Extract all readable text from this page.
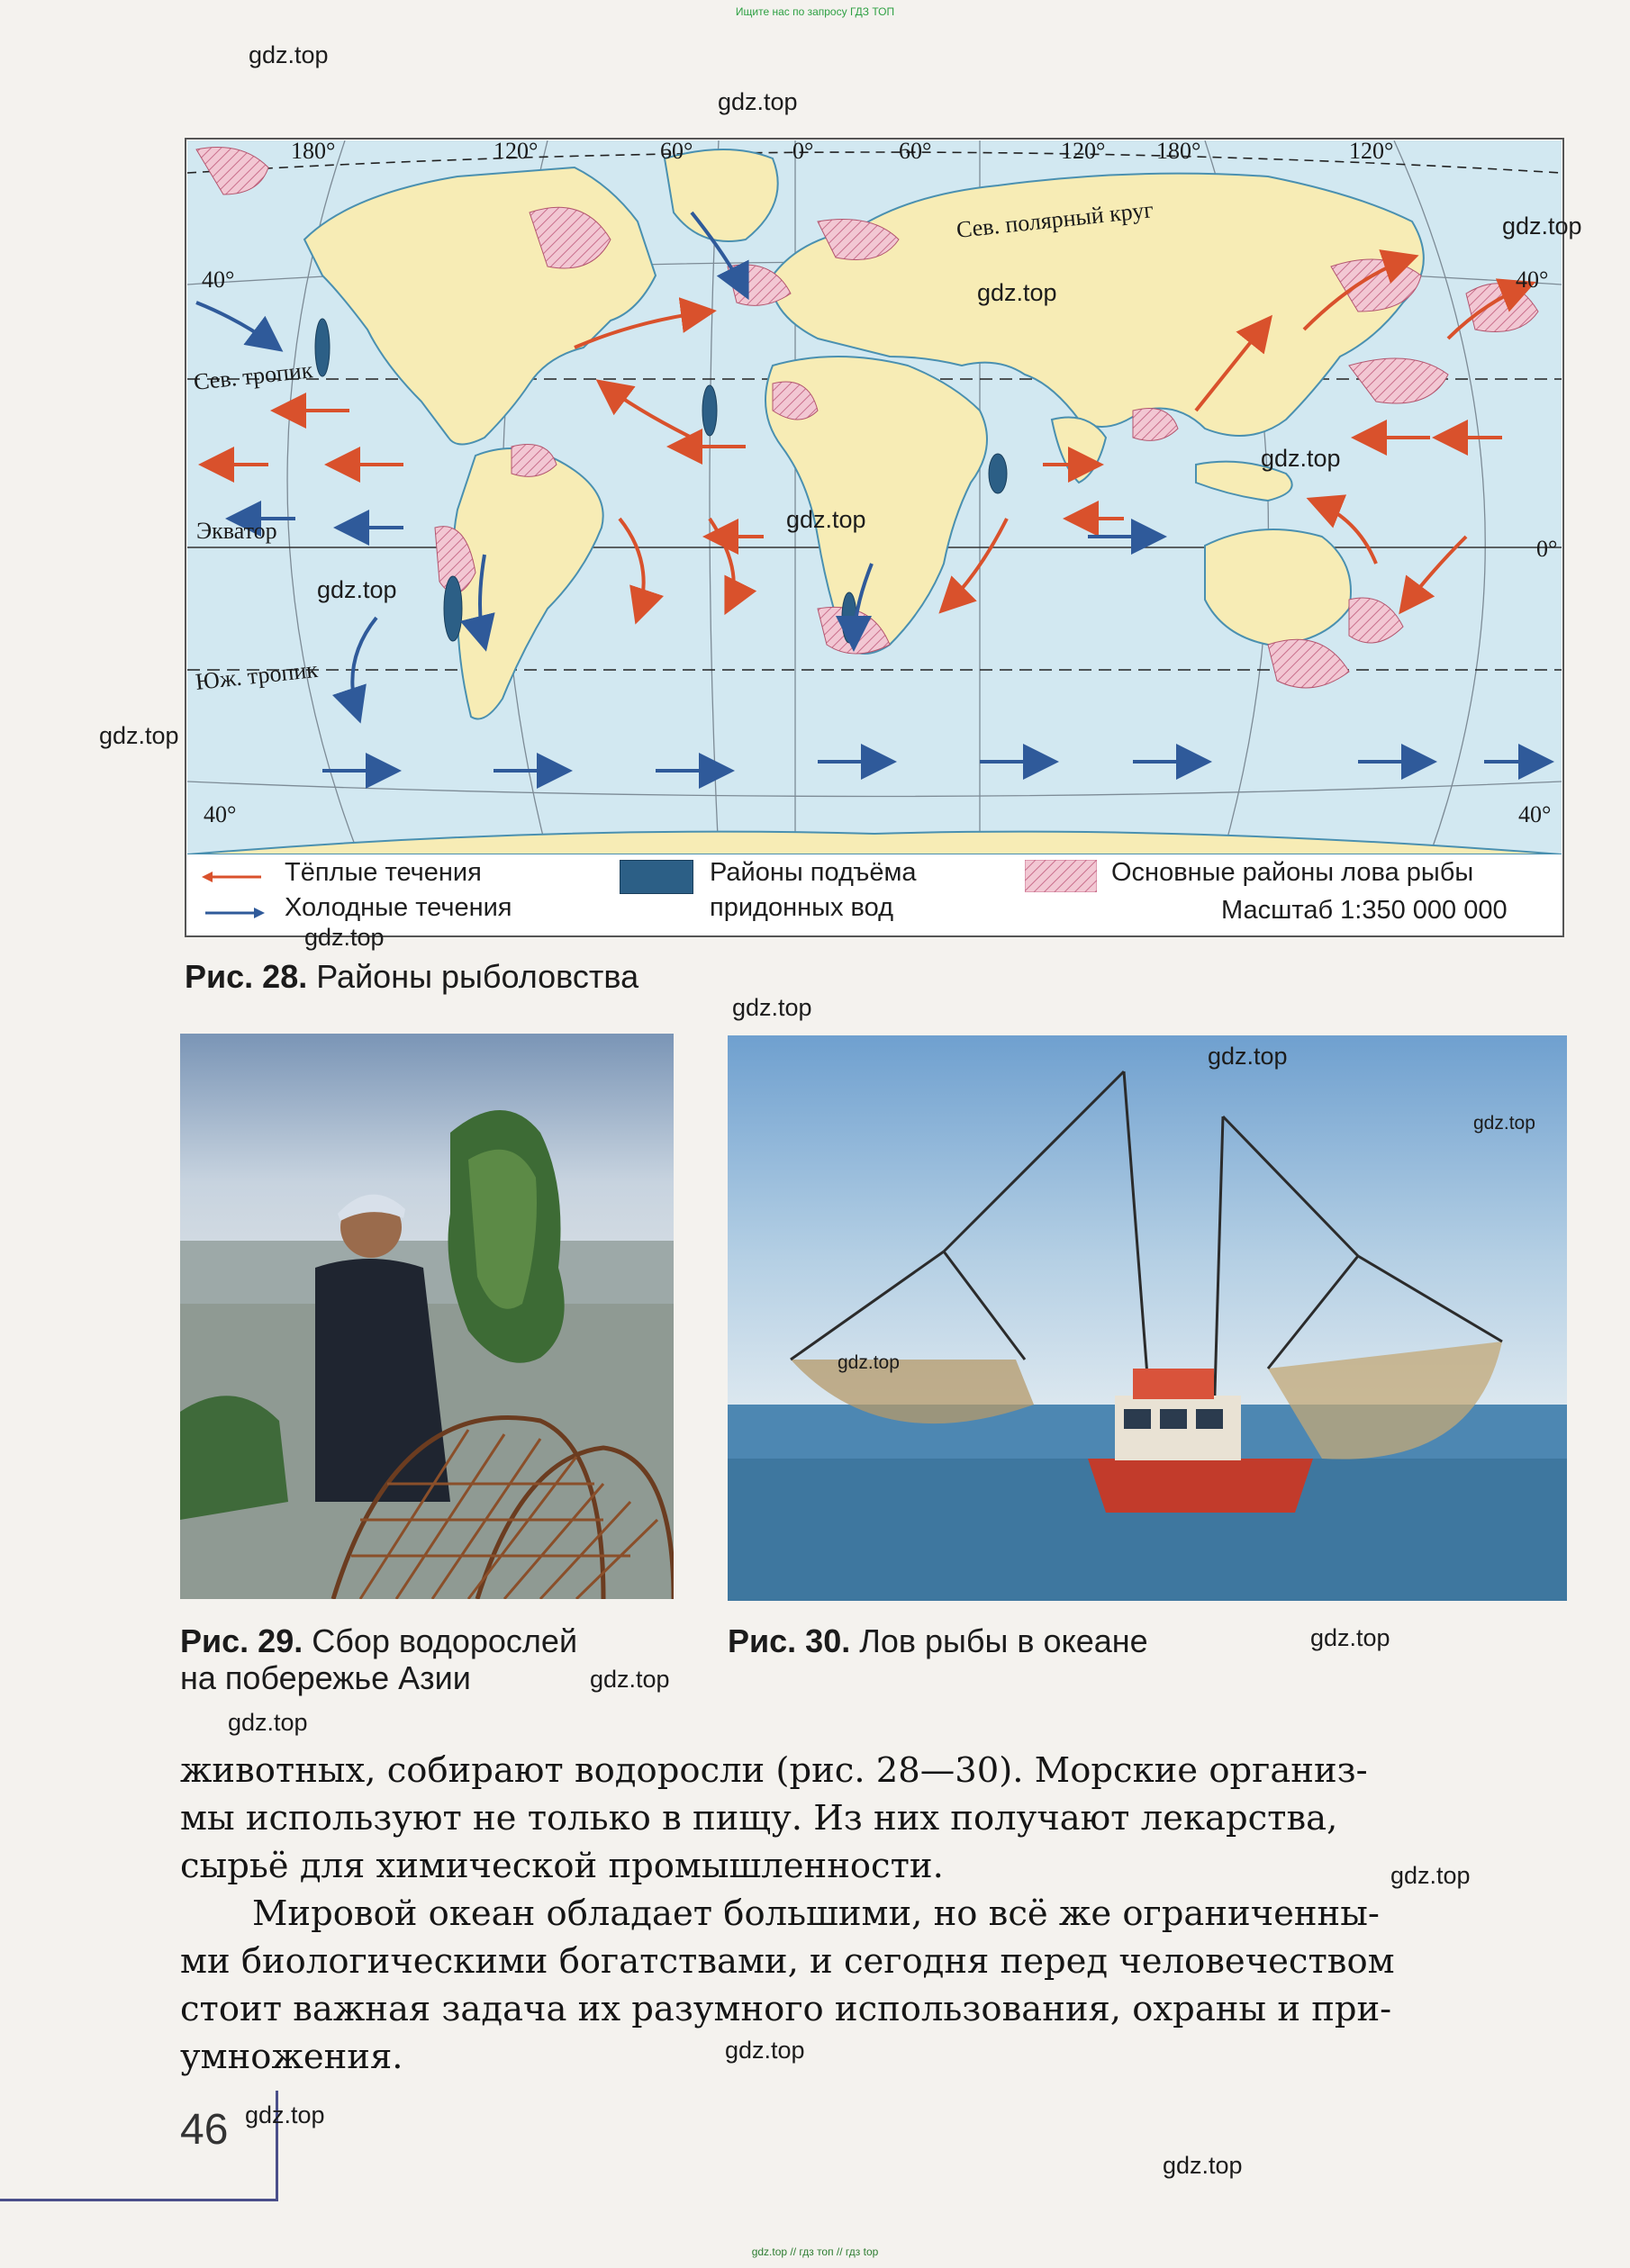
Ищите нас по запросу ГДЗ ТОП
gdz.top // гдз топ // гдз top
180°	120°	60°	0°	60°	120° 180°	120°
40°	40°
40°	40°
0°
Сев. полярный круг
Сев. тропик
Экватор
Юж. тропик
Тёплые течения
Холодные течения
Районы подъёма
придонных вод
Основные районы лова рыбы
Масштаб 1:350 000 000
Рис. 28. Районы рыболовства
Рис. 29. Сбор водорослей
на побережье Азии
Рис. 30. Лов рыбы в океане
животных, собирают водоросли (рис. 28—30). Морские организ-
мы используют не только в пищу. Из них получают лекарства,
сырьё для химической промышленности.
Мировой океан обладает большими, но всё же ограниченны-
ми биологическими богатствами, и сегодня перед человечеством
стоит важная задача их разумного использования, охраны и при-
умножения.
46
gdz.top
gdz.top
gdz.top
gdz.top
gdz.top
gdz.top
gdz.top
gdz.top
gdz.top
gdz.top
gdz.top
gdz.top
gdz.top
gdz.top
gdz.top
gdz.top
gdz.top
gdz.top
gdz.top
gdz.top
